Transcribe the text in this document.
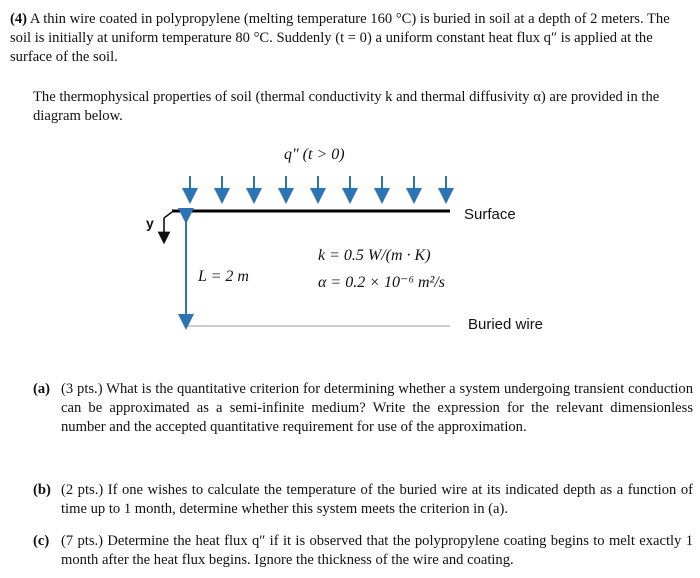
(4) A thin wire coated in polypropylene (melting temperature 160 °C) is buried in soil at a depth of 2 meters. The soil is initially at uniform temperature 80 °C. Suddenly (t = 0) a uniform constant heat flux q″ is applied at the surface of the soil.
The thermophysical properties of soil (thermal conductivity k and thermal diffusivity α) are provided in the diagram below.
q″ (t > 0)
y	Surface
L = 2 m
k = 0.5 W/(m · K)
α = 0.2 × 10⁻⁶ m²/s
Buried wire
(a) (3 pts.) What is the quantitative criterion for determining whether a system undergoing transient conduction can be approximated as a semi-infinite medium? Write the expression for the relevant dimensionless number and the accepted quantitative requirement for use of the approximation.
(b) (2 pts.) If one wishes to calculate the temperature of the buried wire at its indicated depth as a function of time up to 1 month, determine whether this system meets the criterion in (a).
(c) (7 pts.) Determine the heat flux q″ if it is observed that the polypropylene coating begins to melt exactly 1 month after the heat flux begins. Ignore the thickness of the wire and coating.
